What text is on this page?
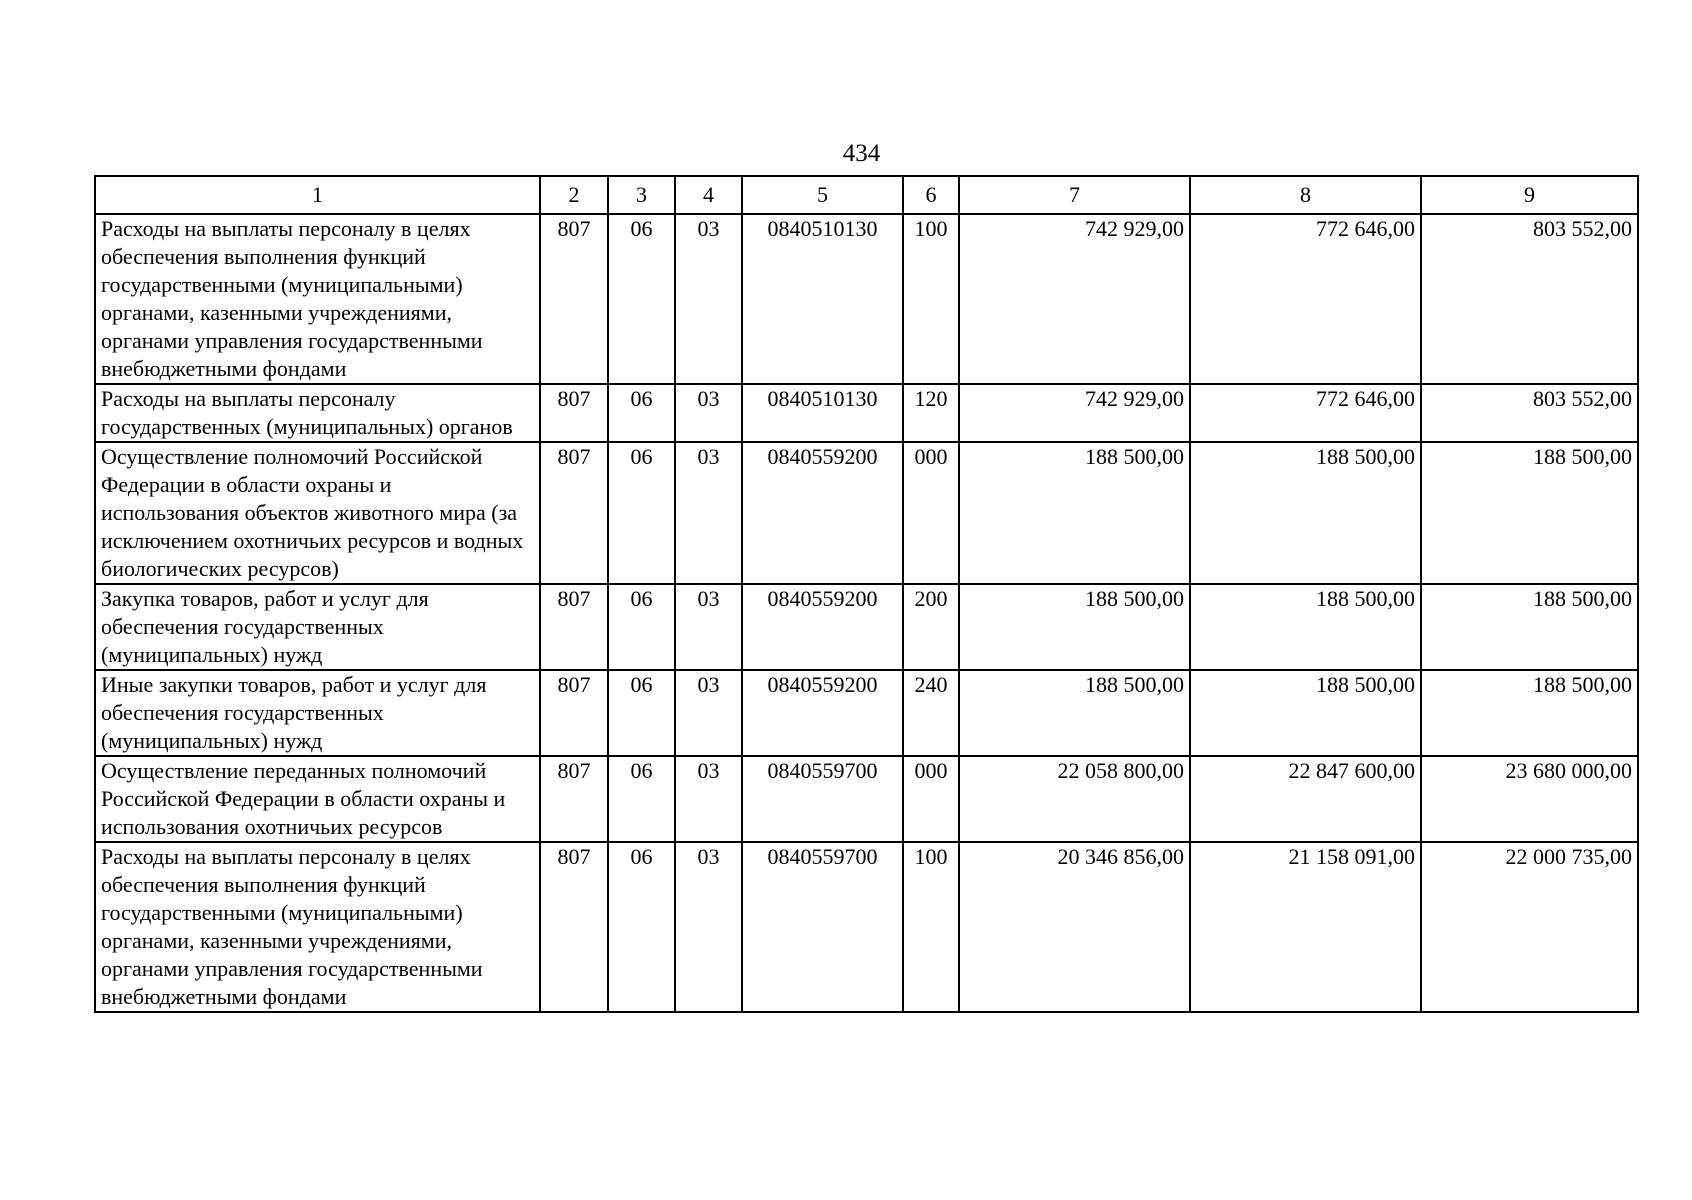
434
1	2	3	4	5	6	7	8	9
Расходы на выплаты персоналу в целях обеспечения выполнения функций государственными (муниципальными) органами, казенными учреждениями, органами управления государственными внебюджетными фондами	807	06	03	0840510130	100	742 929,00	772 646,00	803 552,00
Расходы на выплаты персоналу государственных (муниципальных) органов	807	06	03	0840510130	120	742 929,00	772 646,00	803 552,00
Осуществление полномочий Российской Федерации в области охраны и использования объектов животного мира (за исключением охотничьих ресурсов и водных биологических ресурсов)	807	06	03	0840559200	000	188 500,00	188 500,00	188 500,00
Закупка товаров, работ и услуг для обеспечения государственных (муниципальных) нужд	807	06	03	0840559200	200	188 500,00	188 500,00	188 500,00
Иные закупки товаров, работ и услуг для обеспечения государственных (муниципальных) нужд	807	06	03	0840559200	240	188 500,00	188 500,00	188 500,00
Осуществление переданных полномочий Российской Федерации в области охраны и использования охотничьих ресурсов	807	06	03	0840559700	000	22 058 800,00	22 847 600,00	23 680 000,00
Расходы на выплаты персоналу в целях обеспечения выполнения функций государственными (муниципальными) органами, казенными учреждениями, органами управления государственными внебюджетными фондами	807	06	03	0840559700	100	20 346 856,00	21 158 091,00	22 000 735,00
